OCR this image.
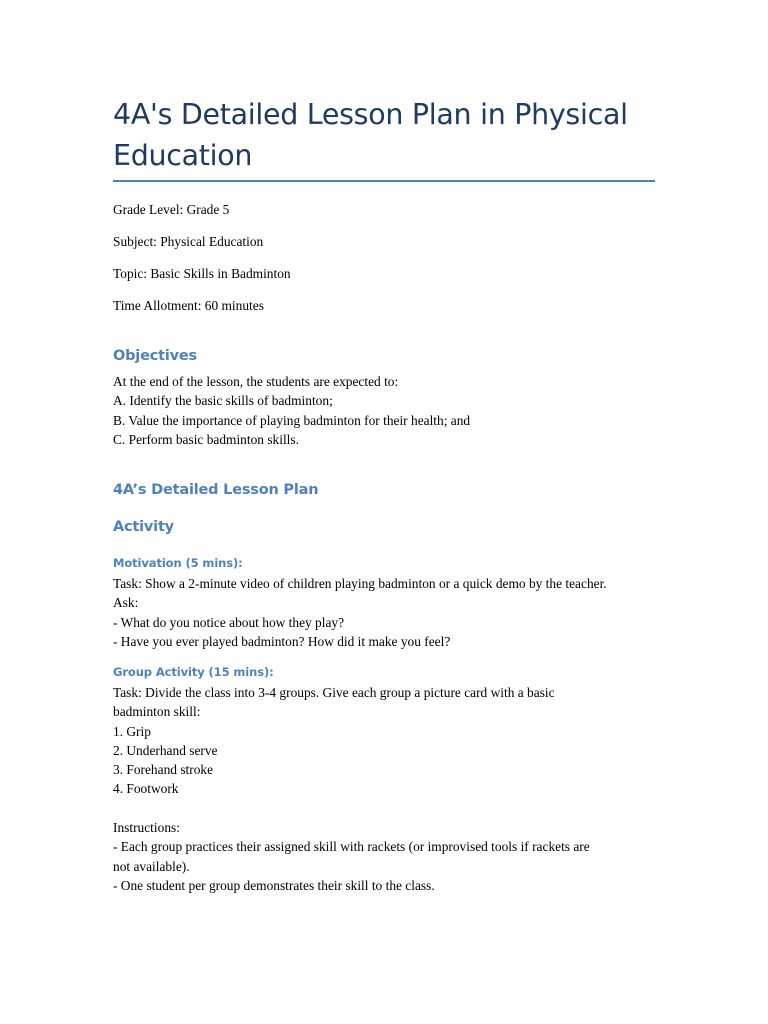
4A's Detailed Lesson Plan in Physical Education
Grade Level: Grade 5
Subject: Physical Education
Topic: Basic Skills in Badminton
Time Allotment: 60 minutes
Objectives
At the end of the lesson, the students are expected to:
A. Identify the basic skills of badminton;
B. Value the importance of playing badminton for their health; and
C. Perform basic badminton skills.
4A’s Detailed Lesson Plan
Activity
Motivation (5 mins):
Task: Show a 2-minute video of children playing badminton or a quick demo by the teacher.
Ask:
- What do you notice about how they play?
- Have you ever played badminton? How did it make you feel?
Group Activity (15 mins):
Task: Divide the class into 3-4 groups. Give each group a picture card with a basic
badminton skill:
1. Grip
2. Underhand serve
3. Forehand stroke
4. Footwork
Instructions:
- Each group practices their assigned skill with rackets (or improvised tools if rackets are
not available).
- One student per group demonstrates their skill to the class.
